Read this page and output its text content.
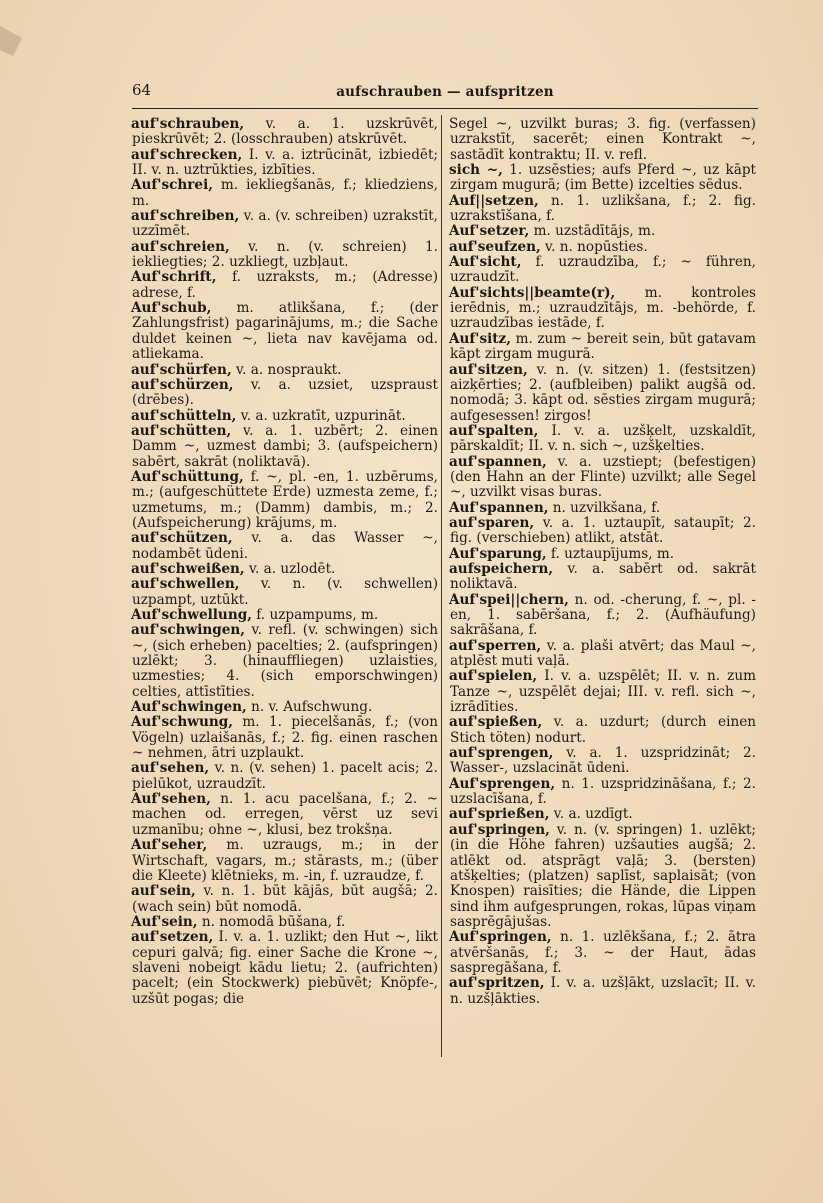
64	aufschrauben — aufspritzen

auf'schrauben, v. a. 1. uzskrūvēt, pieskrūvēt; 2. (losschrauben) atskrūvēt.

auf'schrecken, I. v. a. iztrūcināt, izbiedēt; II. v. n. uztrūkties, izbīties.

Auf'schrei, m. iekliegšanās, f.; kliedziens, m.

auf'schreiben, v. a. (v. schreiben) uzrakstīt, uzzīmēt.

auf'schreien, v. n. (v. schreien) 1. iekliegties; 2. uzkliegt, uzbļaut.

Auf'schrift, f. uzraksts, m.; (Adresse) adrese, f.

Auf'schub, m. atlikšana, f.; (der Zahlungsfrist) pagarinājums, m.; die Sache duldet keinen ~, lieta nav kavējama od. atliekama.

auf'schürfen, v. a. nospraukt.

auf'schürzen, v. a. uzsiet, uzspraust (drēbes).

auf'schütteln, v. a. uzkratīt, uzpurināt.

auf'schütten, v. a. 1. uzbērt; 2. einen Damm ~, uzmest dambi; 3. (aufspeichern) sabērt, sakrāt (noliktavā).

Auf'schüttung, f. ~, pl. -en, 1. uzbērums, m.; (aufgeschüttete Erde) uzmesta zeme, f.; uzmetums, m.; (Damm) dambis, m.; 2. (Aufspeicherung) krājums, m.

auf'schützen, v. a. das Wasser ~, nodambēt ūdeni.

auf'schweißen, v. a. uzlodēt.

auf'schwellen, v. n. (v. schwellen) uzpampt, uztūkt.

Auf'schwellung, f. uzpampums, m.

auf'schwingen, v. refl. (v. schwingen) sich ~, (sich erheben) pacelties; 2. (aufspringen) uzlēkt; 3. (hinauffliegen) uzlaisties, uzmesties; 4. (sich emporschwingen) celties, attīstīties.

Auf'schwingen, n. v. Aufschwung.

Auf'schwung, m. 1. piecelšanās, f.; (von Vögeln) uzlaišanās, f.; 2. fig. einen raschen ~ nehmen, ātri uzplaukt.

auf'sehen, v. n. (v. sehen) 1. pacelt acis; 2. pielūkot, uzraudzīt.

Auf'sehen, n. 1. acu pacelšana, f.; 2. ~ machen od. erregen, vērst uz sevi uzmanību; ohne ~, klusi, bez trokšņa.

Auf'seher, m. uzraugs, m.; in der Wirtschaft, vagars, m.; stārasts, m.; (über die Kleete) klētnieks, m. -in, f. uzraudze, f.

auf'sein, v. n. 1. būt kājās, būt augšā; 2. (wach sein) būt nomodā.

Auf'sein, n. nomodā būšana, f.

auf'setzen, I. v. a. 1. uzlikt; den Hut ~, likt cepuri galvā; fig. einer Sache die Krone ~, slaveni nobeigt kādu lietu; 2. (aufrichten) pacelt; (ein Stockwerk) piebūvēt; Knöpfe-, uzšūt pogas; die

Segel ~, uzvilkt buras; 3. fig. (verfassen) uzrakstīt, sacerēt; einen Kontrakt ~, sastādīt kontraktu; II. v. refl.

sich ~, 1. uzsēsties; aufs Pferd ~, uz kāpt zirgam mugurā; (im Bette) izcelties sēdus.

Auf||setzen, n. 1. uzlikšana, f.; 2. fig. uzrakstīšana, f.

Auf'setzer, m. uzstādītājs, m.

auf'seufzen, v. n. nopūsties.

Auf'sicht, f. uzraudzība, f.; ~ führen, uzraudzīt.

Auf'sichts||beamte(r), m. kontroles ierēdnis, m.; uzraudzītājs, m. -behörde, f. uzraudzības iestāde, f.

Auf'sitz, m. zum ~ bereit sein, būt gatavam kāpt zirgam mugurā.

auf'sitzen, v. n. (v. sitzen) 1. (festsitzen) aizķērties; 2. (aufbleiben) palikt augšā od. nomodā; 3. kāpt od. sēsties zirgam mugurā; aufgesessen! zirgos!

auf'spalten, I. v. a. uzšķelt, uzskaldīt, pārskaldīt; II. v. n. sich ~, uzšķelties.

auf'spannen, v. a. uzstiept; (befestigen) (den Hahn an der Flinte) uzvilkt; alle Segel ~, uzvilkt visas buras.

Auf'spannen, n. uzvilkšana, f.

auf'sparen, v. a. 1. uztaupīt, sataupīt; 2. fig. (verschieben) atlikt, atstāt.

Auf'sparung, f. uztaupījums, m.

aufspeichern, v. a. sabērt od. sakrāt noliktavā.

Auf'spei||chern, n. od. -cherung, f. ~, pl. -en, 1. sabēršana, f.; 2. (Aufhäufung) sakrāšana, f.

auf'sperren, v. a. plaši atvērt; das Maul ~, atplēst muti vaļā.

auf'spielen, I. v. a. uzspēlēt; II. v. n. zum Tanze ~, uzspēlēt dejai; III. v. refl. sich ~, izrādīties.

auf'spießen, v. a. uzdurt; (durch einen Stich töten) nodurt.

auf'sprengen, v. a. 1. uzspridzināt; 2. Wasser-, uzslacināt ūdeni.

Auf'sprengen, n. 1. uzspridzināšana, f.; 2. uzslacīšana, f.

auf'sprießen, v. a. uzdīgt.

auf'springen, v. n. (v. springen) 1. uzlēkt; (in die Höhe fahren) uzšauties augšā; 2. atlēkt od. atsprāgt vaļā; 3. (bersten) atšķelties; (platzen) saplīst, saplaisāt; (von Knospen) raisīties; die Hände, die Lippen sind ihm aufgesprungen, rokas, lūpas viņam sasprēgājušas.

Auf'springen, n. 1. uzlēkšana, f.; 2. ātra atvēršanās, f.; 3. ~ der Haut, ādas saspregāšana, f.

auf'spritzen, I. v. a. uzšļākt, uzslacīt; II. v. n. uzšļākties.
